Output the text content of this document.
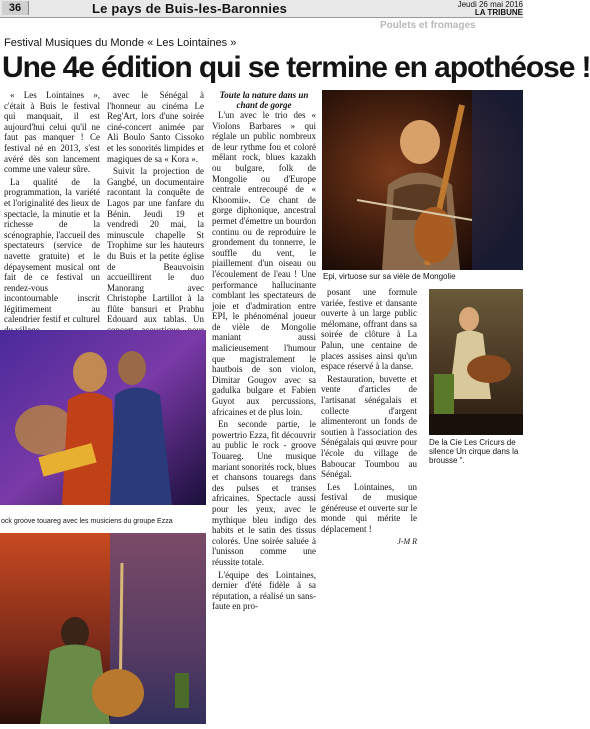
36	Le pays de Buis-les-Baronnies	Jeudi 26 mai 2016
LA TRIBUNE
Festival Musiques du Monde « Les Lointaines »
Une 4e édition qui se termine en apothéose !

« Les Lointaines », c'était à Buis le festival qui manquait, il est aujourd'hui celui qu'il ne faut pas manquer ! Ce festival né en 2013, s'est avéré dès son lancement comme une valeur sûre.

La qualité de la programmation, la variété et l'originalité des lieux de spectacle, la minutie et la richesse de la scénographie, l'accueil des spectateurs (service de navette gratuite) et le dépaysement musical ont fait de ce festival un rendez-vous incontournable inscrit légitimement au calendrier festif et culturel

avec le Sénégal à l'honneur au cinéma Le Reg'Art, lors d'une soirée ciné-concert animée par Ali Boulo Santo Cissoko et les sonorités limpides et magiques de sa « Kora ».

Suivit la projection de Gangbé, un documentaire racontant la conquête de Lagos par une fanfare du Bénin. Jeudi 19 et vendredi 20 mai, la minuscule chapelle St Trophime sur les hauteurs du Buis et la petite église de Beauvoisin accueillirent le duo Manorang avec Christophe Lartillot à la flûte bansuri et Prabhu Edouard aux tablas. Un

Toute la nature dans un chant de gorge

L'un avec le trio des « Violons Barbares » qui réglale un public nombreux de leur rythme fou et coloré mêlant rock, blues kazakh ou bulgare, folk de Mongolie ou d'Europe centrale entrecoupé de « Khoomii». Ce chant de gorge diphonique, ancestral permet d'émettre un bourdon continu ou de reproduire le grondement du tonnerre, le souffle du vent, le piaillement d'un oiseau ou l'écoulement de l'eau ! Une performance hallucinante comblant les spectateurs de joie et d'admiration entre EPI, le phénoménal joueur de vièle de Mongolie maniant aussi malicieusement l'humour que magistralement le hautbois de son violon, Dimitar Gougov avec sa gadulka bulgare et Fabien Guyot aux percussions, africaines et de plus loin.

En seconde partie, le powertrio Ezza, fit découvrir au public le rock - groove Touareg. Une musique mariant sonorités rock, blues et chansons touaregs dans des pulses et transes africaines. Spectacle aussi pour les yeux, avec le mythique bleu indigo des habits et le satin des tissus colorés. Une soirée saluée à l'unisson comme une réussite totale.

L'équipe des Lointaines, dernier d'été fidèle à sa réputation, a réalisé un sans-faute en pro-

posant une formule variée, festive et dansante ouverte à un large public mélomane, offrant dans sa soirée de clôture à La Palun, une centaine de places assises ainsi qu'un espace réservé à la danse.

Restauration, buvette et vente d'articles de l'artisanat sénégalais et collecte d'argent alimenteront un fonds de soutien à l'association des Sénégalais qui œuvre pour l'école du village de Baboucar Toumbou au Sénégal.

Les Lointaines, un festival de musique généreuse et ouverte sur le monde qui mérite le déplacement !

J-M R
Poulets et fromages
Epi, virtuose sur sa vièle de Mongolie
ock groove touareg avec les musiciens du groupe Ezza
De la Cie Les Cricurs de silence Un cirque dans la brousse ".
